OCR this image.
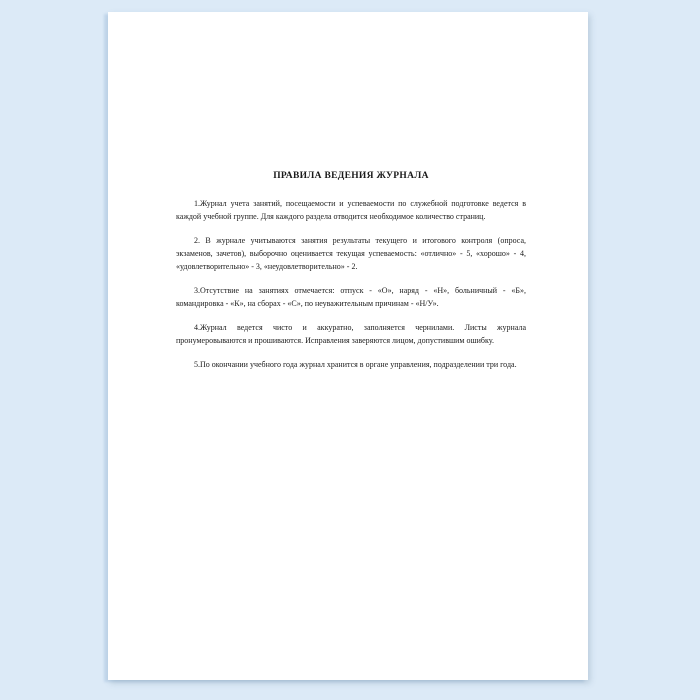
ПРАВИЛА ВЕДЕНИЯ ЖУРНАЛА

1.Журнал учета занятий, посещаемости и успеваемости по служебной подготовке ведется в каждой учебной группе. Для каждого раздела отводится необходимое количество страниц.

2. В журнале учитываются занятия результаты текущего и итогового контроля (опроса, экзаменов, зачетов), выборочно оценивается текущая успеваемость: «отлично» - 5, «хорошо» - 4, «удовлетворительно» - 3, «неудовлетворительно» - 2.

3.Отсутствие на занятиях отмечается: отпуск - «О», наряд - «Н», больничный - «Б», командировка - «К», на сборах - «С», по неуважительным причинам - «Н/У».

4.Журнал ведется чисто и аккуратно, заполняется чернилами. Листы журнала пронумеровываются и прошиваются. Исправления заверяются лицом, допустившим ошибку.

5.По окончании учебного года журнал хранится в органе управления, подразделении три года.
